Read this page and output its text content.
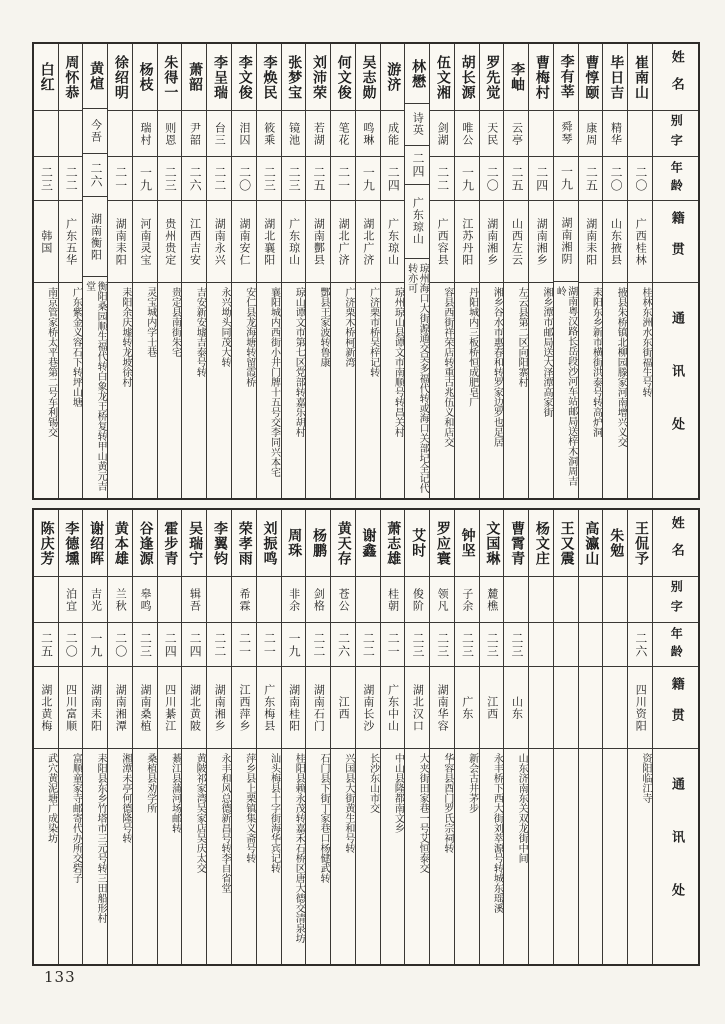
姓名
别字
年龄
籍贯
通讯处
崔南山
二〇
广西桂林
桂林东洲水东街福生号转
毕日吉
精华
二〇
山东掖县
掖县朱桥镇北柳园滕家河南增兴义交
曹惇颐
康周
二五
湖南耒阳
耒阳东乡新市横街洪泰号转高炉洞
李有莘
舜琴
一九
湖南湘阴
湖南粤汉路长岳段沙河车站邮局送梓木洞周吉岭
曹梅村
二四
湖南湘乡
湘乡潭市邮局送大泽潭高家街
李岫
云亭
二五
山西左云
左云县第二区向阳寨村
罗先觉
天民
二〇
湖南湘乡
湘乡谷水市惠春和转罗家边罗也足居
胡长源
唯公
一九
江苏丹阳
丹阳城内三板桥恒成肥皂厂
伍文湘
剑湖
二二
广西容县
容县西街祥荣店转重古兆伍义和店交
林懋
诗英
二四
广东琼山
琼州海口大街源通交吴多福代转或海口关部圮全记代转亦可
游济
成能
二四
广东琼山
琼州琼山县谭文市南顺号转昌关村
吴志勋
鸣琳
一九
湖北广济
广济栗市桥吴梓记转
何文俊
笔花
二一
湖北广济
广济栗木桥柯新湾
刘沛荣
若湖
二五
湖南酆县
酆县王家波转鲁康
张梦宝
镜池
二三
广东琼山
琼山谭文市第七区党部转嘉乐胡村
李焕民
筱乘
二三
湖北襄阳
襄阳城内西街小井门牌十五号交李同兴本宅
李文俊
泪囚
二〇
湖南安仁
安仁县龙海塘转留霞桥
李呈瑞
台三
二二
湖南永兴
永兴坳头同茂大转
萧韶
尹韶
二六
江西吉安
吉安新安墟吉泰号转
朱得一
则恩
二三
贵州贵定
贵定县南街朱宅
杨枝
瑞村
一九
河南灵宝
灵宝城内学士巷
徐绍明
二一
湖南耒阳
耒阳余庆墟转龙坡徐村
黄煊
今吾
二六
湖南衡阳
衡阳桑园顺生福代转白象龙王桥复转甲山黄元吉堂
周怀恭
二二
广东五华
广东紫金义容石下转坪山塘
白红
二三
韩国
南京管家桥太平巷第二号车利锡交
姓名
别字
年龄
籍贯
通讯处
王侃予
二六
四川资阳
资阳临江寺
朱勉
高瀛山
王又震
杨文庄
曹霄青
二三
山东
山东济南东关双龙街中间
文国琳
麓樵
二三
江西
永丰桥下西大街刘萃源号转城东瑶溪
钟坚
子余
二三
广东
新会古井茅步
罗应寰
领凡
二三
湖南华容
华容县酉门罗氏宗祠转
艾时
俊阶
二三
湖北汉口
大夹街田家巷一号艾恒泰交
萧志雄
桂朝
二一
广东中山
中山县隆都南文乡
谢鑫
二二
湖南长沙
长沙东山市交
黄天存
苍公
二六
江西
兴国县大街黄生和号转
杨鹏
剑格
二二
湖南石门
石门县下街丁家巷口杨健武转
周珠
非余
一九
湖南桂阳
桂阳县赖永茂转嘉禾石桥区唐大德交清泉坊
刘振鸣
二一
广东梅县
汕头梅县十字街海华宾记转
荣孝雨
希霖
二一
江西萍乡
萍乡县上栗镇集义斋号转
李翼钧
二二
湖南湘乡
永丰和风总德新昌号转李自省堂
吴瑞宁
辑吾
二四
湖北黄陂
黄陂祁家湾吴家店吴庆太交
霍步青
二四
四川綦江
綦江县蒲河场邮转
谷逢源
皋鸣
二三
湖南桑植
桑植县劝学所
黄本雄
兰秋
二〇
湖南湘潭
湘潭未亭何德隆号转
谢绍晖
吉光
一九
湖南耒阳
耒阳县东乡竹塔市三元号转三田船形村
李德壎
泊宜
二〇
四川富顺
富顺童家寺邮寄代办所交砦子
陈庆芳
二五
湖北黄梅
武穴黄泥塘广成染坊
133
